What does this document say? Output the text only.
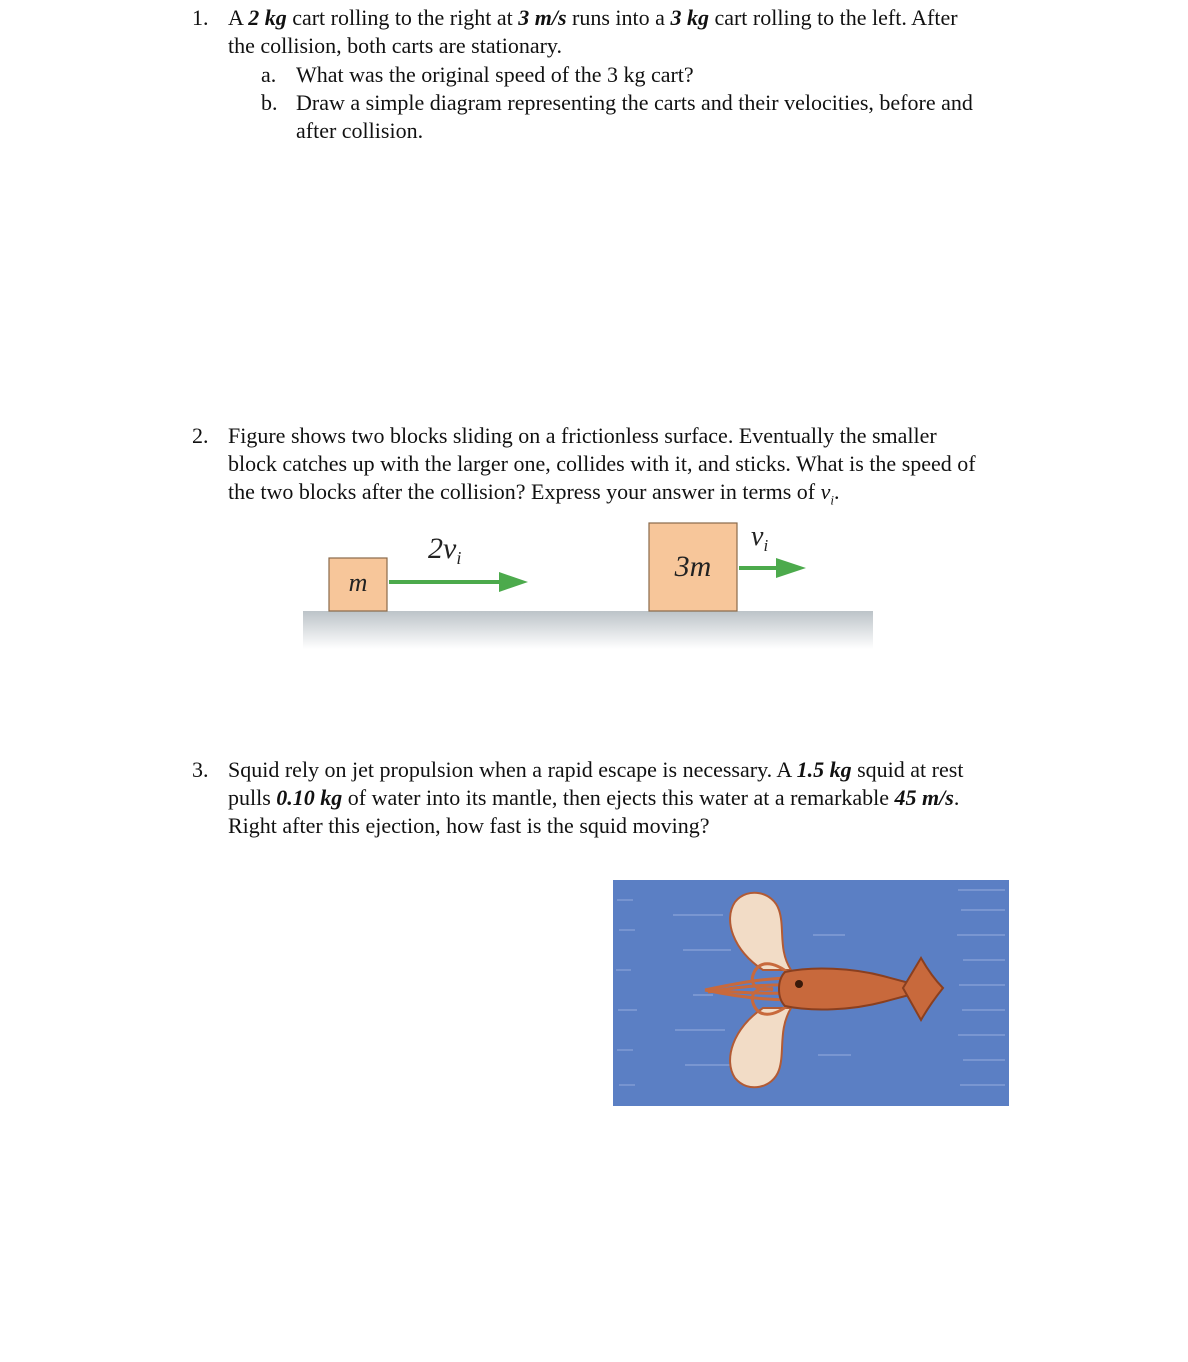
1. A 2 kg cart rolling to the right at 3 m/s runs into a 3 kg cart rolling to the left. After
the collision, both carts are stationary.
a. What was the original speed of the 3 kg cart?
b. Draw a simple diagram representing the carts and their velocities, before and
after collision.
2. Figure shows two blocks sliding on a frictionless surface. Eventually the smaller
block catches up with the larger one, collides with it, and sticks. What is the speed of
the two blocks after the collision? Express your answer in terms of $v_i$.
m	3m
$2v_i$
$v_i$
3. Squid rely on jet propulsion when a rapid escape is necessary. A 1.5 kg squid at rest
pulls 0.10 kg of water into its mantle, then ejects this water at a remarkable 45 m/s.
Right after this ejection, how fast is the squid moving?
